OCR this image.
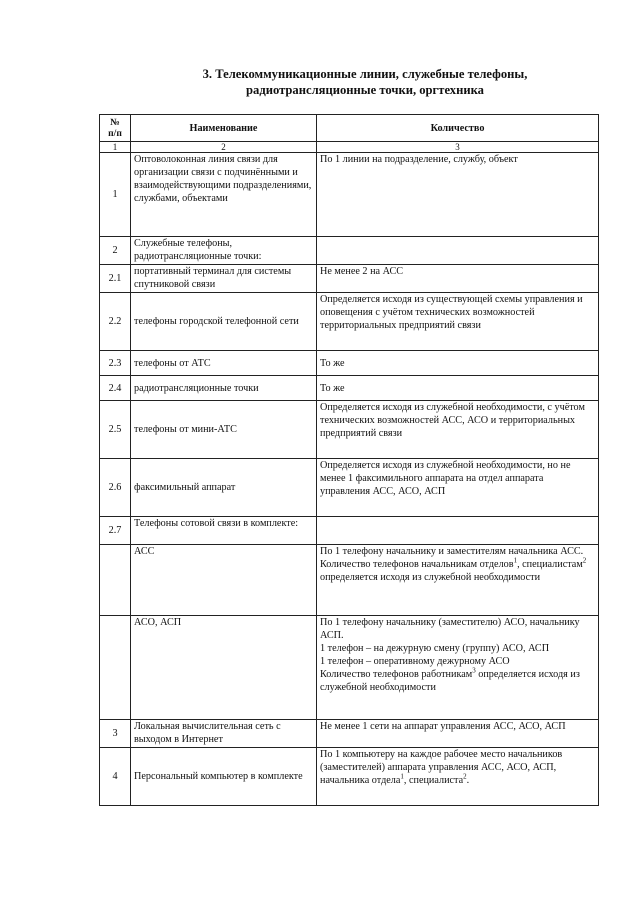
3. Телекоммуникационные линии, служебные телефоны,
радиотрансляционные точки, оргтехника
№
п/п	Наименование	Количество
1	2	3
1	Оптоволоконная линия связи для организации связи с подчинёнными и взаимодействующими подразделениями, службами, объектами	По 1 линии на подразделение, службу, объект
2	Служебные телефоны, радиотрансляционные точки:	
2.1	портативный терминал для системы спутниковой связи	Не менее 2 на АСС
2.2	телефоны городской телефонной сети	Определяется исходя из существующей схемы управления и оповещения с учётом технических возможностей территориальных предприятий связи
2.3	телефоны от АТС	То же
2.4	радиотрансляционные точки	То же
2.5	телефоны от мини-АТС	Определяется исходя из служебной необходимости, с учётом технических возможностей АСС, АСО и территориальных предприятий связи
2.6	факсимильный аппарат	Определяется исходя из служебной необходимости, но не менее 1 факсимильного аппарата на отдел аппарата управления АСС, АСО, АСП
2.7	Телефоны сотовой связи в комплекте:	
	АСС	По 1 телефону начальнику и заместителям начальника АСС.
Количество телефонов начальникам отделов$^1$, специалистам$^2$ определяется исходя из служебной необходимости

	АСО, АСП	По 1 телефону начальнику (заместителю) АСО, начальнику АСП.
1 телефон – на дежурную смену (группу) АСО, АСП
1 телефон – оперативному дежурному АСО
Количество телефонов работникам$^3$ определяется исходя из служебной необходимости

3	Локальная вычислительная сеть с выходом в Интернет	Не менее 1 сети на аппарат управления АСС, АСО, АСП
4	Персональный компьютер в комплекте	По 1 компьютеру на каждое рабочее место начальников (заместителей) аппарата управления АСС, АСО, АСП, начальника отдела$^1$, специалиста$^2$.
